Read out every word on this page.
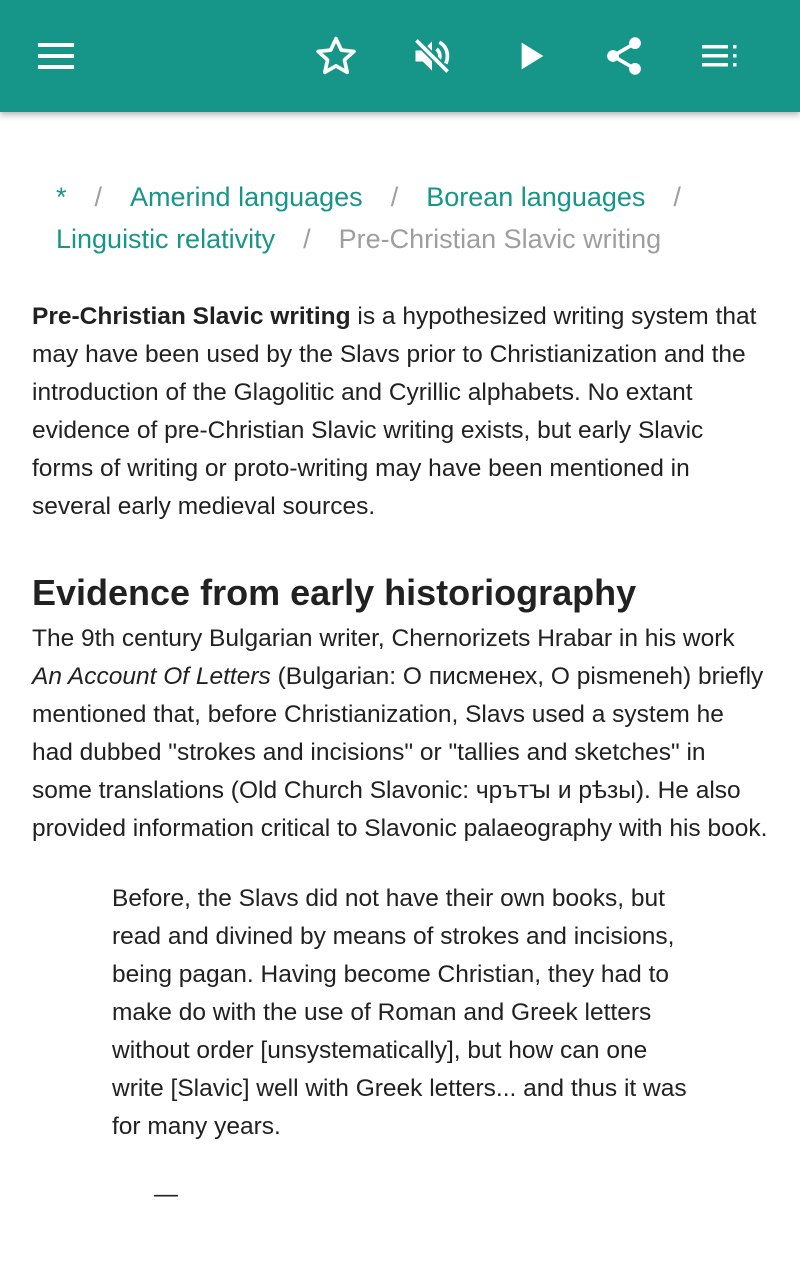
* / Amerind languages / Borean languages /
Linguistic relativity / Pre-Christian Slavic writing

Pre-Christian Slavic writing is a hypothesized writing system that may have been used by the Slavs prior to Christianization and the introduction of the Glagolitic and Cyrillic alphabets. No extant evidence of pre-Christian Slavic writing exists, but early Slavic forms of writing or proto-writing may have been mentioned in several early medieval sources.

Evidence from early historiography

The 9th century Bulgarian writer, Chernorizets Hrabar in his work An Account Of Letters (Bulgarian: О писменех, O pismeneh) briefly mentioned that, before Christianization, Slavs used a system he had dubbed "strokes and incisions" or "tallies and sketches" in some translations (Old Church Slavonic: чрътꙑ и рѣзы). He also provided information critical to Slavonic palaeography with his book.

Before, the Slavs did not have their own books, but read and divined by means of strokes and incisions, being pagan. Having become Christian, they had to make do with the use of Roman and Greek letters without order [unsystematically], but how can one write [Slavic] well with Greek letters... and thus it was for many years.
—
